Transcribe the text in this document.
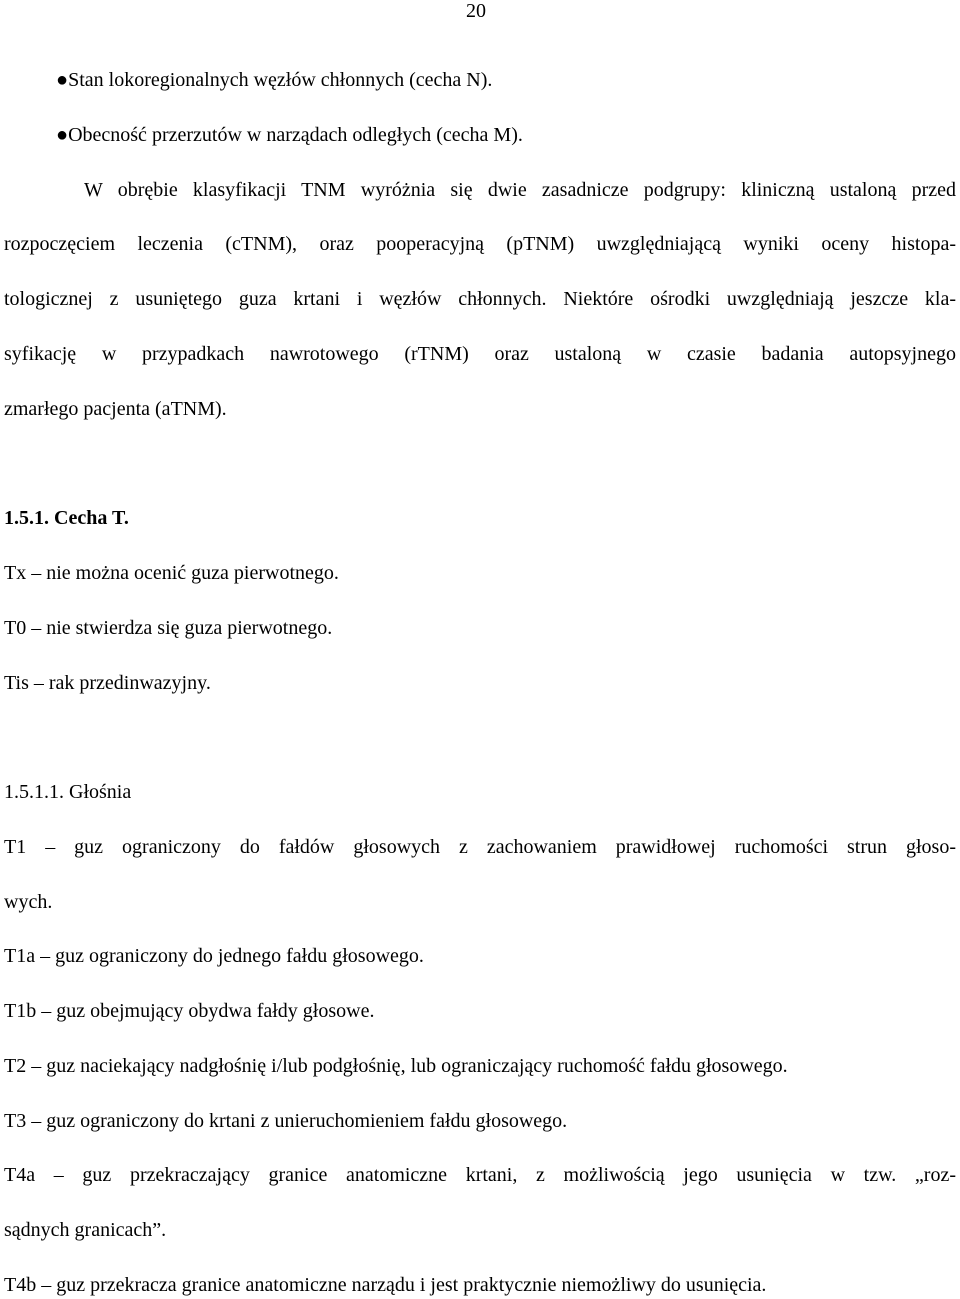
20
●Stan lokoregionalnych węzłów chłonnych (cecha N).
●Obecność przerzutów w narządach odległych (cecha M).
W obrębie klasyfikacji TNM wyróżnia się dwie zasadnicze podgrupy: kliniczną ustaloną przed
rozpoczęciem leczenia (cTNM), oraz pooperacyjną (pTNM) uwzględniającą wyniki oceny histopa-
tologicznej z usuniętego guza krtani i węzłów chłonnych. Niektóre ośrodki uwzględniają jeszcze kla-
syfikację w przypadkach nawrotowego (rTNM) oraz ustaloną w czasie badania autopsyjnego
zmarłego pacjenta (aTNM).
1.5.1. Cecha T.
Tx – nie można ocenić guza pierwotnego.
T0 – nie stwierdza się guza pierwotnego.
Tis – rak przedinwazyjny.
1.5.1.1. Głośnia
T1 – guz ograniczony do fałdów głosowych z zachowaniem prawidłowej ruchomości strun głoso-
wych.
T1a – guz ograniczony do jednego fałdu głosowego.
T1b – guz obejmujący obydwa fałdy głosowe.
T2 – guz naciekający nadgłośnię i/lub podgłośnię, lub ograniczający ruchomość fałdu głosowego.
T3 – guz ograniczony do krtani z unieruchomieniem fałdu głosowego.
T4a – guz przekraczający granice anatomiczne krtani, z możliwością jego usunięcia w tzw. „roz-
sądnych granicach”.
T4b – guz przekracza granice anatomiczne narządu i jest praktycznie niemożliwy do usunięcia.
